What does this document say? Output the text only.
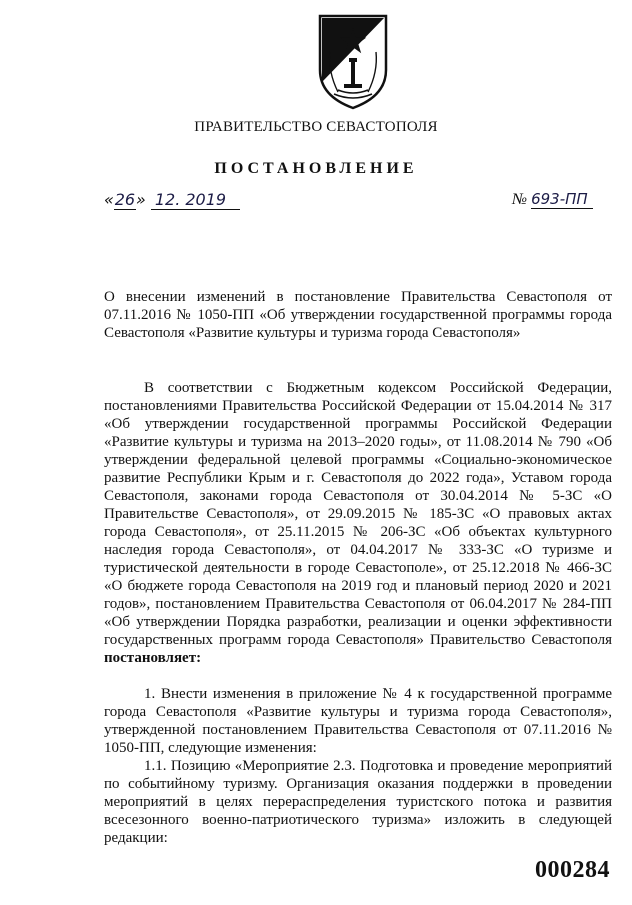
ПРАВИТЕЛЬСТВО СЕВАСТОПОЛЯ
ПОСТАНОВЛЕНИЕ
«26» 12. 2019	№ 693-ПП
О внесении изменений в постановление Правительства Севастополя от 07.11.2016 № 1050-ПП «Об утверждении государственной программы города Севастополя «Развитие культуры и туризма города Севастополя»
В соответствии с Бюджетным кодексом Российской Федерации, постановлениями Правительства Российской Федерации от 15.04.2014 № 317 «Об утверждении государственной программы Российской Федерации «Развитие культуры и туризма на 2013–2020 годы», от 11.08.2014 № 790 «Об утверждении федеральной целевой программы «Социально-экономическое развитие Республики Крым и г. Севастополя до 2022 года», Уставом города Севастополя, законами города Севастополя от 30.04.2014 № 5-ЗС «О Правительстве Севастополя», от 29.09.2015 № 185-ЗС «О правовых актах города Севастополя», от 25.11.2015 № 206-ЗС «Об объектах культурного наследия города Севастополя», от 04.04.2017 № 333-ЗС «О туризме и туристической деятельности в городе Севастополе», от 25.12.2018 № 466-ЗС «О бюджете города Севастополя на 2019 год и плановый период 2020 и 2021 годов», постановлением Правительства Севастополя от 06.04.2017 № 284-ПП «Об утверждении Порядка разработки, реализации и оценки эффективности государственных программ города Севастополя» Правительство Севастополя постановляет:
1. Внести изменения в приложение № 4 к государственной программе города Севастополя «Развитие культуры и туризма города Севастополя», утвержденной постановлением Правительства Севастополя от 07.11.2016 № 1050-ПП, следующие изменения:
1.1. Позицию «Мероприятие 2.3. Подготовка и проведение мероприятий по событийному туризму. Организация оказания поддержки в проведении мероприятий в целях перераспределения туристского потока и развития всесезонного военно-патриотического туризма» изложить в следующей редакции:
000284
